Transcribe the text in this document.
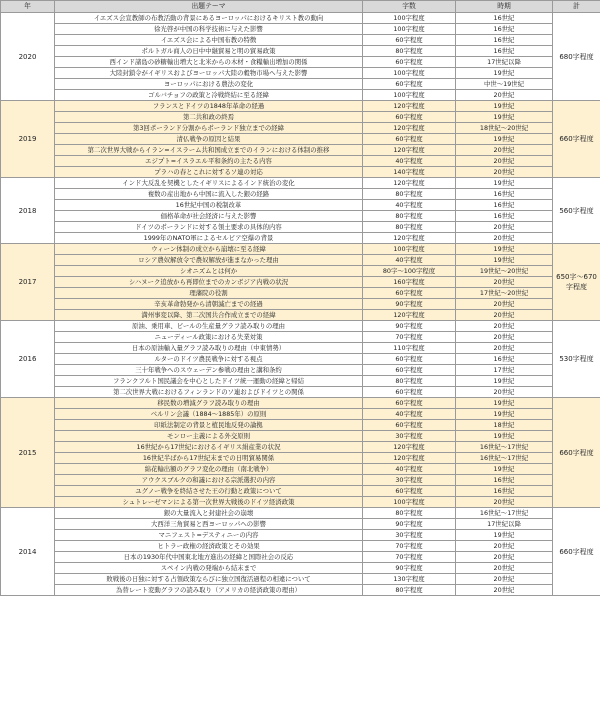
年	出題テーマ	字数	時期	計
2020	イエズス会宣教師の布教活動の背景にあるヨーロッパにおけるキリスト教の動向	100字程度	16世紀	680字程度
	徐光啓が中国の科学技術に与えた影響	100字程度	16世紀	
	イエズス会による中国布教の特徴	60字程度	16世紀	
	ポルトガル商人の日中中継貿易と明の貿易政策	80字程度	16世紀	
	西インド諸島の砂糖輸出増大と北米からの木材・食糧輸出増加の関係	60字程度	17世紀以降	
	大陸封鎖令がイギリスおよびヨーロッパ大陸の穀物市場へ与えた影響	100字程度	19世紀	
	ヨーロッパにおける農法の変化	60字程度	中世～19世紀	
	ゴルバチョフの政策と冷戦終結に至る経緯	100字程度	20世紀	
2019	フランスとドイツの1848年革命の経過	120字程度	19世紀	660字程度
	第二共和政の終焉	60字程度	19世紀	
	第3回ポーランド分割からポーランド独立までの経緯	120字程度	18世紀～20世紀	
	清仏戦争の原因と結果	60字程度	19世紀	
	第二次世界大戦からイラン=イスラーム共和国成立までのイランにおける体制の推移	120字程度	20世紀	
	エジプト=イスラエル平和条約の主たる内容	40字程度	20世紀	
	プラハの春とこれに対するソ連の対応	140字程度	20世紀	
2018	インド大反乱を契機としたイギリスによるインド統治の変化	120字程度	19世紀	560字程度
	複数の産出地から中国に流入した銀の経路	80字程度	16世紀	
	16世紀中国の税制改革	40字程度	16世紀	
	価格革命が社会経済に与えた影響	80字程度	16世紀	
	ドイツのポーランドに対する領土要求の具体的内容	80字程度	20世紀	
	1999年のNATO軍によるセルビア空爆の背景	120字程度	20世紀	
2017	ウィーン体制の成立から崩壊に至る経緯	100字程度	19世紀	650字～670字程度
	ロシア農奴解放令で農奴解放が進まなかった理由	40字程度	19世紀	
	シオニズムとは何か	80字～100字程度	19世紀～20世紀	
	シハヌーク追放から再即位までのカンボジア内戦の状況	160字程度	20世紀	
	理藩院の役割	60字程度	17世紀～20世紀	
	辛亥革命勃発から清朝滅亡までの経過	90字程度	20世紀	
	満州事変以降、第二次国共合作成立までの経緯	120字程度	20世紀	
2016	原油、乗用車、ビールの生産量グラフ読み取りの理由	90字程度	20世紀	530字程度
	ニューディール政策における失業対策	70字程度	20世紀	
	日本の原油輸入量グラフ読み取りの理由（中東情勢）	110字程度	20世紀	
	ルターのドイツ農民戦争に対する視点	60字程度	16世紀	
	三十年戦争へのスウェーデン参戦の理由と講和条約	60字程度	17世紀	
	フランクフルト国民議会を中心としたドイツ統一運動の経緯と帰結	80字程度	19世紀	
	第二次世界大戦におけるフィンランドのソ連およびドイツとの関係	60字程度	20世紀	
2015	移民数の増減グラフ読み取りの理由	60字程度	19世紀	660字程度
	ベルリン会議（1884～1885年）の原則	40字程度	19世紀	
	印紙法制定の背景と植民地反発の論拠	60字程度	18世紀	
	モンロー主義による外交原則	30字程度	19世紀	
	16世紀から17世紀におけるイギリス絹産業の状況	120字程度	16世紀～17世紀	
	16世紀半ばから17世紀末までの日明貿易関係	120字程度	16世紀～17世紀	
	綿花輸出額のグラフ変化の理由（南北戦争）	40字程度	19世紀	
	アウクスブルクの和議における宗派選択の内容	30字程度	16世紀	
	ユグノー戦争を終結させた王の行動と政策について	60字程度	16世紀	
	シュトレーゼマンによる第一次世界大戦後のドイツ経済政策	100字程度	20世紀	
2014	銀の大量流入と封建社会の崩壊	80字程度	16世紀～17世紀	660字程度
	大西洋三角貿易と西ヨーロッパへの影響	90字程度	17世紀以降	
	マニフェスト=デスティニーの内容	30字程度	19世紀	
	ヒトラー政権の経済政策とその効果	70字程度	20世紀	
	日本の1930年代中国東北地方進出の経緯と国際社会の反応	70字程度	20世紀	
	スペイン内戦の発端から結末まで	90字程度	20世紀	
	敗戦後の日独に対する占領政策ならびに独立国復活過程の相違について	130字程度	20世紀	
	為替レート変動グラフの読み取り（アメリカの経済政策の理由）	80字程度	20世紀	
